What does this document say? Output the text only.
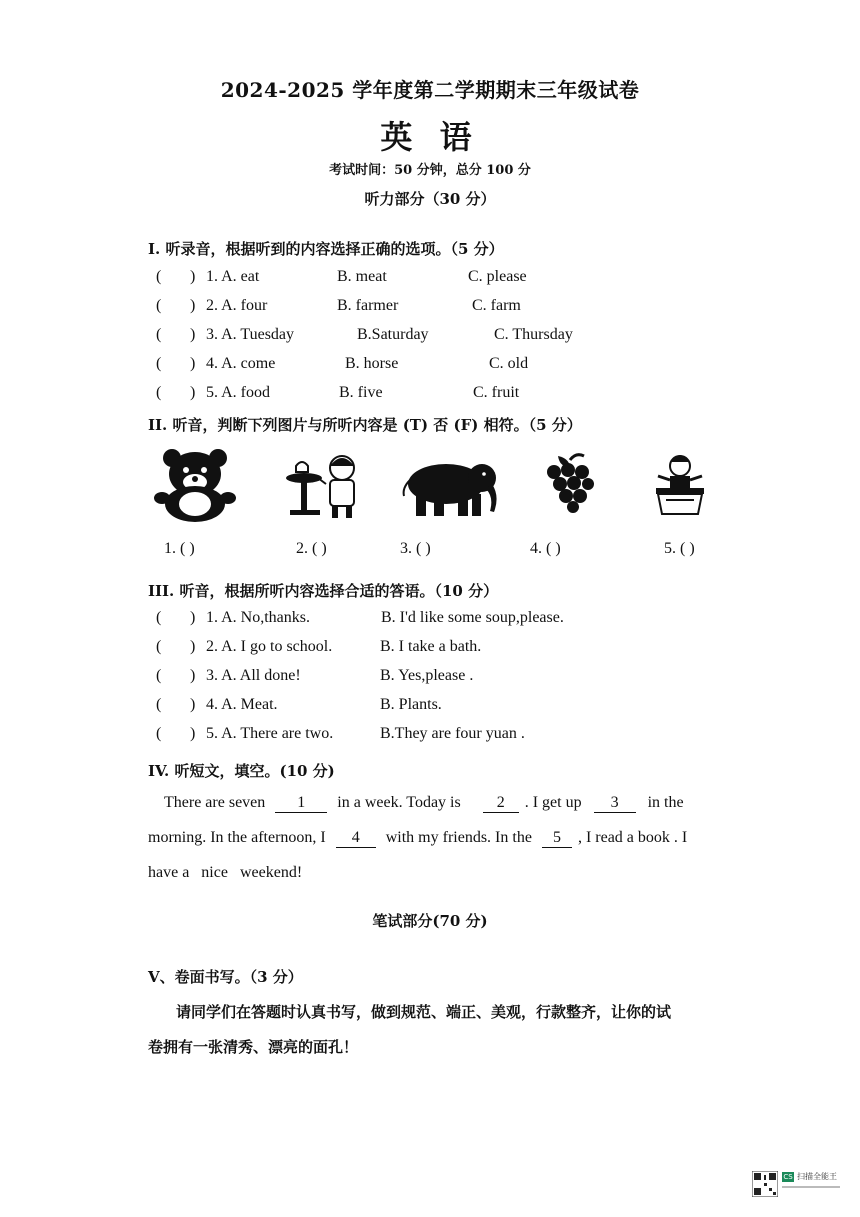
2024-2025 学年度第二学期期末三年级试卷
英 语
考试时间：50 分钟，总分 100 分
听力部分（30 分）
I. 听录音，根据听到的内容选择正确的选项。（5 分）
( ) 1. A. eat	B. meat	C. please
( ) 2. A. four	B. farmer	C. farm
( ) 3. A. Tuesday	B.Saturday	C. Thursday
( ) 4. A. come	B. horse	C. old
( ) 5. A. food	B. five	C. fruit
II. 听音，判断下列图片与所听内容是 (T) 否 (F) 相符。（5 分）
1. ( )	2. ( )	3. ( )	4. ( )	5. ( )
III. 听音，根据所听内容选择合适的答语。（10 分）
( ) 1. A. No,thanks.	B. I'd like some soup,please.
( ) 2. A. I go to school.	B. I take a bath.
( ) 3. A. All done!	B. Yes,please .
( ) 4. A. Meat.	B. Plants.
( ) 5. A. There are two.	B.They are four yuan .
IV. 听短文，填空。(10 分)
There are seven 1 in a week. Today is 2 . I get up 3 in the
morning. In the afternoon, I 4 with my friends. In the 5 , I read a book . I
have a   nice   weekend!
笔试部分(70 分)
V、卷面书写。（3 分）
请同学们在答题时认真书写，做到规范、端正、美观，行款整齐，让你的试
卷拥有一张清秀、漂亮的面孔！
CS 扫描全能王
